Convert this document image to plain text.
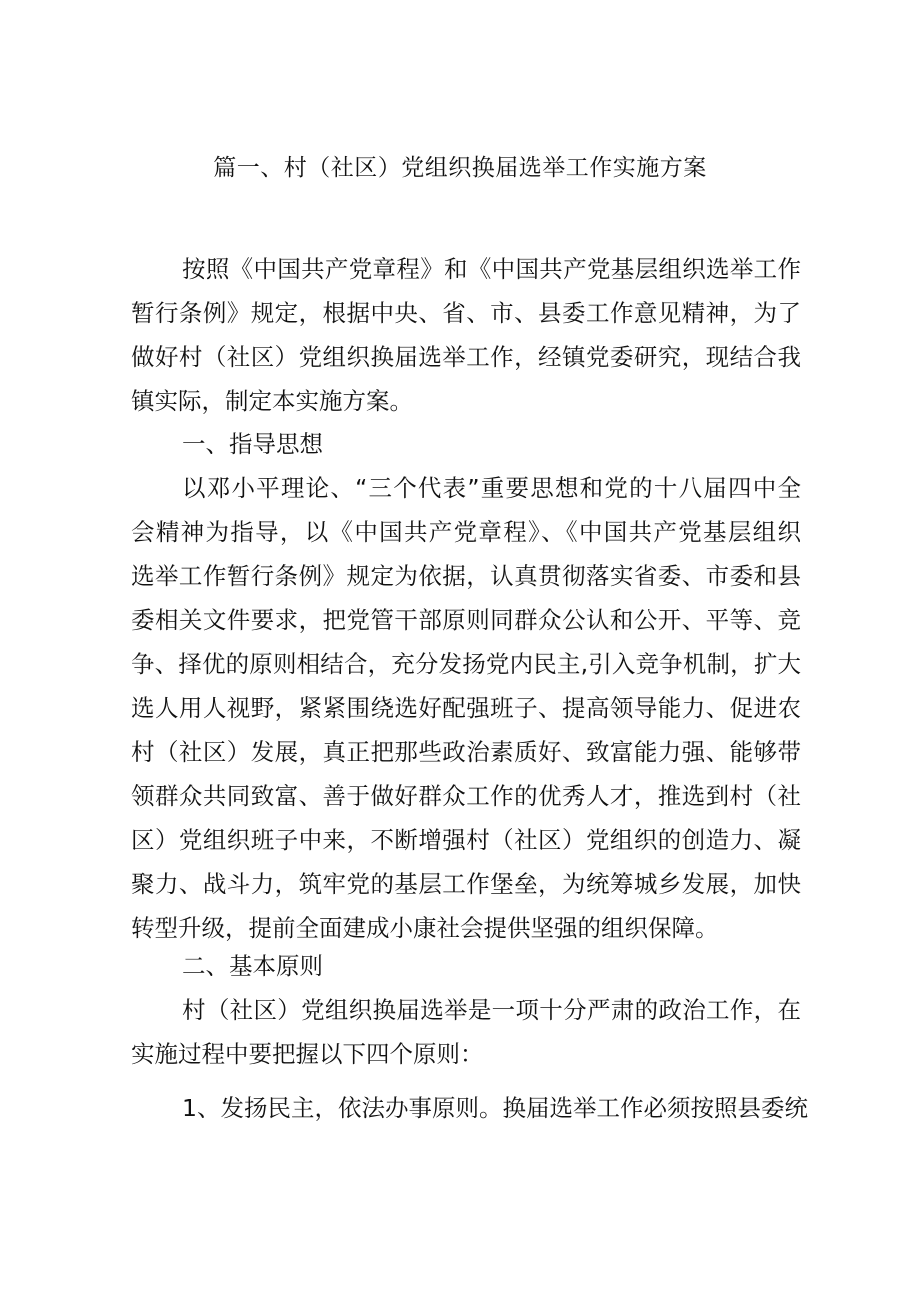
篇一、村（社区）党组织换届选举工作实施方案
按照《中国共产党章程》和《中国共产党基层组织选举工作
暂行条例》规定，根据中央、省、市、县委工作意见精神，为了
做好村（社区）党组织换届选举工作，经镇党委研究，现结合我
镇实际，制定本实施方案。
一、指导思想
以邓小平理论、“三个代表”重要思想和党的十八届四中全
会精神为指导，以《中国共产党章程》、《中国共产党基层组织
选举工作暂行条例》规定为依据，认真贯彻落实省委、市委和县
委相关文件要求，把党管干部原则同群众公认和公开、平等、竞
争、择优的原则相结合，充分发扬党内民主,引入竞争机制，扩大
选人用人视野，紧紧围绕选好配强班子、提高领导能力、促进农
村（社区）发展，真正把那些政治素质好、致富能力强、能够带
领群众共同致富、善于做好群众工作的优秀人才，推选到村（社
区）党组织班子中来，不断增强村（社区）党组织的创造力、凝
聚力、战斗力，筑牢党的基层工作堡垒，为统筹城乡发展，加快
转型升级，提前全面建成小康社会提供坚强的组织保障。
二、基本原则
村（社区）党组织换届选举是一项十分严肃的政治工作，在
实施过程中要把握以下四个原则：
1、发扬民主，依法办事原则。换届选举工作必须按照县委统
